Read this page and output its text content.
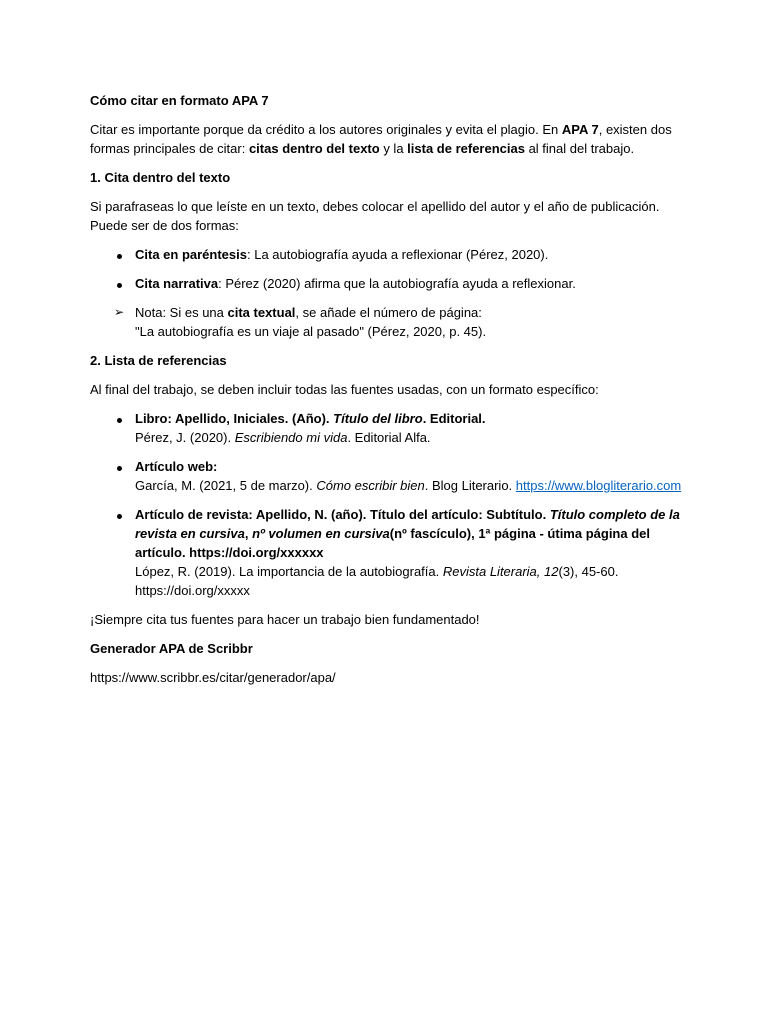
Cómo citar en formato APA 7

Citar es importante porque da crédito a los autores originales y evita el plagio. En APA 7, existen dos formas principales de citar: citas dentro del texto y la lista de referencias al final del trabajo.

1. Cita dentro del texto

Si parafraseas lo que leíste en un texto, debes colocar el apellido del autor y el año de publicación. Puede ser de dos formas:

Cita en paréntesis: La autobiografía ayuda a reflexionar (Pérez, 2020).
Cita narrativa: Pérez (2020) afirma que la autobiografía ayuda a reflexionar.
➢ Nota: Si es una cita textual, se añade el número de página:
"La autobiografía es un viaje al pasado" (Pérez, 2020, p. 45).

2. Lista de referencias

Al final del trabajo, se deben incluir todas las fuentes usadas, con un formato específico:

Libro: Apellido, Iniciales. (Año). Título del libro. Editorial.
Pérez, J. (2020). Escribiendo mi vida. Editorial Alfa.
Artículo web:
García, M. (2021, 5 de marzo). Cómo escribir bien. Blog Literario. https://www.blogliterario.com
Artículo de revista: Apellido, N. (año). Título del artículo: Subtítulo. Título completo de la revista en cursiva, nº volumen en cursiva(nº fascículo), 1ª página - útima página del artículo. https://doi.org/xxxxxx
López, R. (2019). La importancia de la autobiografía. Revista Literaria, 12(3), 45-60.
https://doi.org/xxxxx

¡Siempre cita tus fuentes para hacer un trabajo bien fundamentado!

Generador APA de Scribbr

https://www.scribbr.es/citar/generador/apa/
